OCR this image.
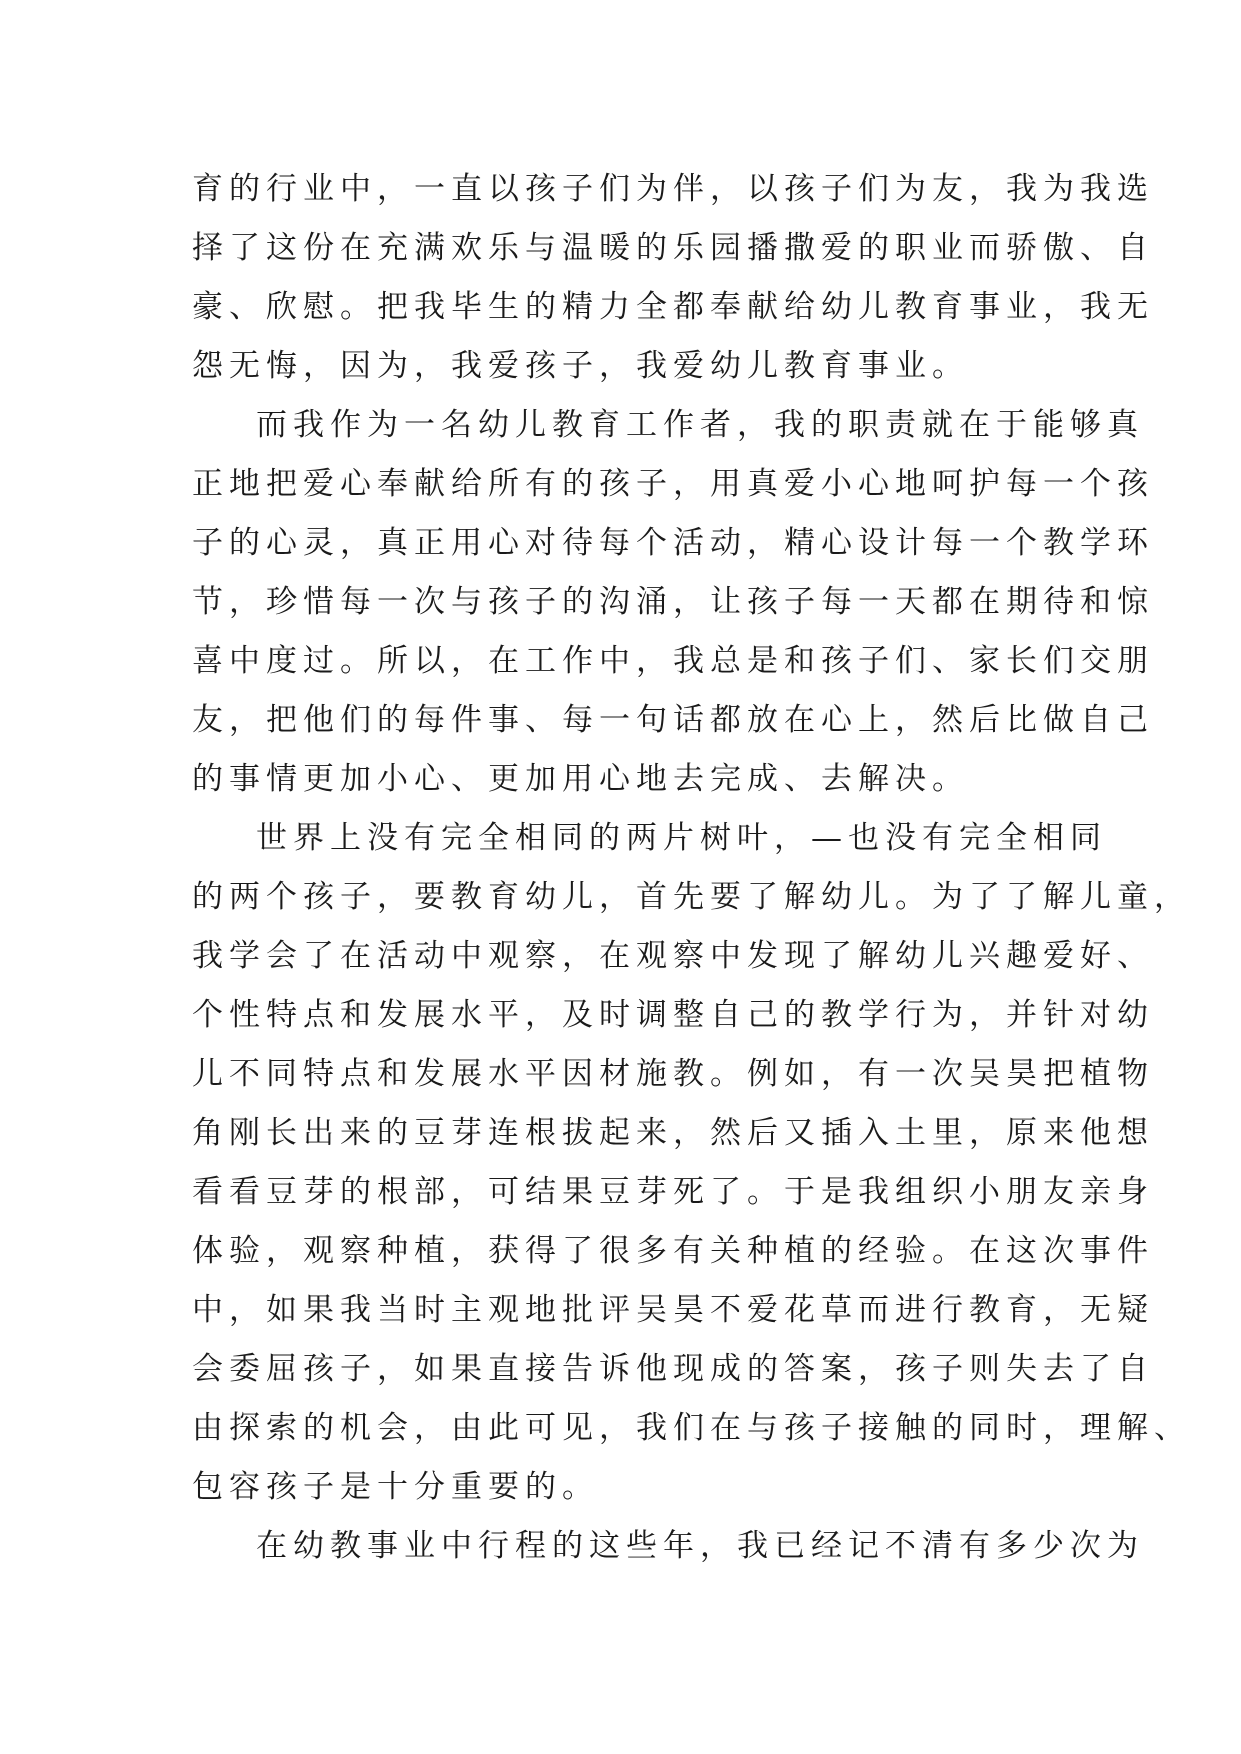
育的行业中，一直以孩子们为伴，以孩子们为友，我为我选
择了这份在充满欢乐与温暖的乐园播撒爱的职业而骄傲、自
豪、欣慰。把我毕生的精力全都奉献给幼儿教育事业，我无
怨无悔，因为，我爱孩子，我爱幼儿教育事业。
而我作为一名幼儿教育工作者，我的职责就在于能够真
正地把爱心奉献给所有的孩子，用真爱小心地呵护每一个孩
子的心灵，真正用心对待每个活动，精心设计每一个教学环
节，珍惜每一次与孩子的沟涌，让孩子每一天都在期待和惊
喜中度过。所以，在工作中，我总是和孩子们、家长们交朋
友，把他们的每件事、每一句话都放在心上，然后比做自己
的事情更加小心、更加用心地去完成、去解决。
世界上没有完全相同的两片树叶，—也没有完全相同
的两个孩子，要教育幼儿，首先要了解幼儿。为了了解儿童，
我学会了在活动中观察，在观察中发现了解幼儿兴趣爱好、
个性特点和发展水平，及时调整自己的教学行为，并针对幼
儿不同特点和发展水平因材施教。例如，有一次吴昊把植物
角刚长出来的豆芽连根拔起来，然后又插入土里，原来他想
看看豆芽的根部，可结果豆芽死了。于是我组织小朋友亲身
体验，观察种植，获得了很多有关种植的经验。在这次事件
中，如果我当时主观地批评吴昊不爱花草而进行教育，无疑
会委屈孩子，如果直接告诉他现成的答案，孩子则失去了自
由探索的机会，由此可见，我们在与孩子接触的同时，理解、
包容孩子是十分重要的。
在幼教事业中行程的这些年，我已经记不清有多少次为
